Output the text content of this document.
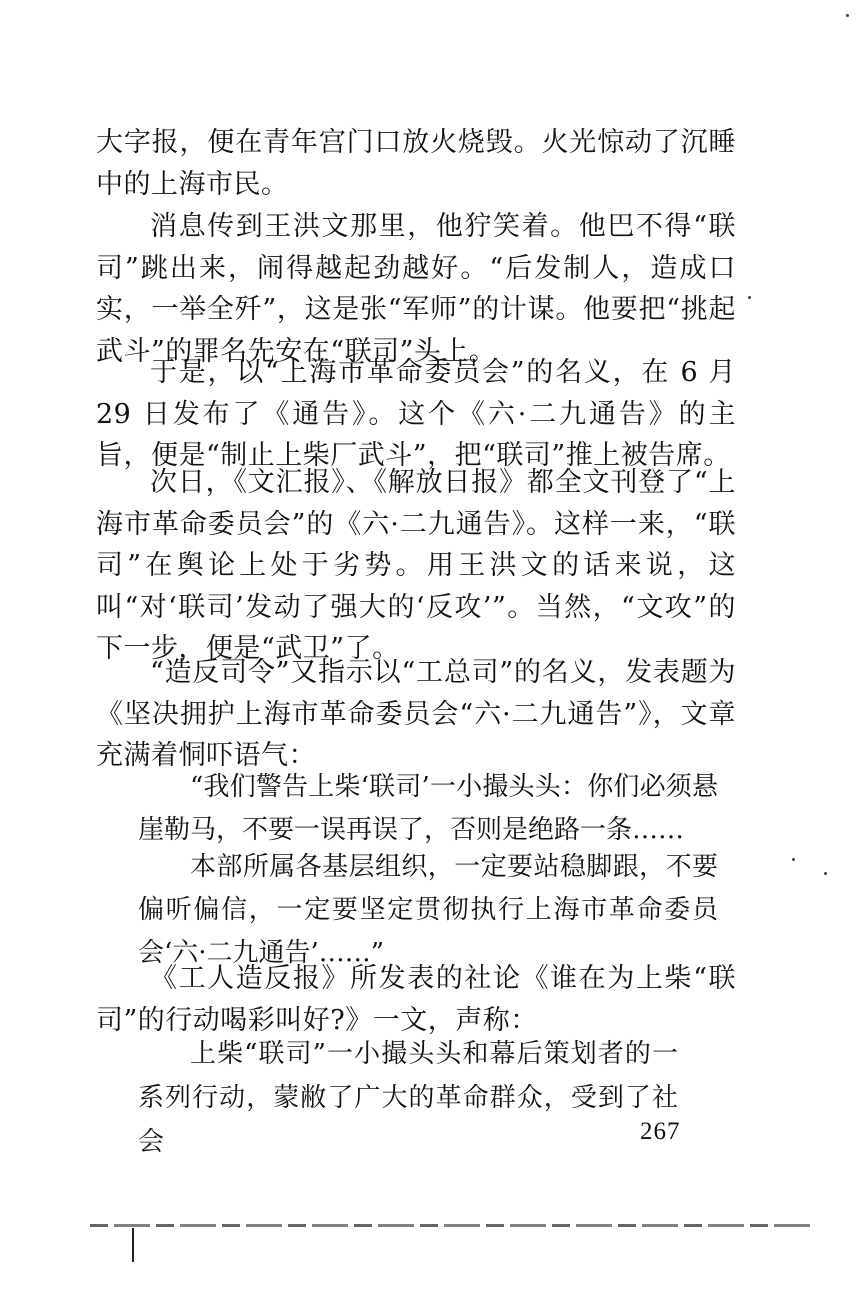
大字报，便在青年宫门口放火烧毁。火光惊动了沉睡中的上海市民。

消息传到王洪文那里，他狞笑着。他巴不得“联司”跳出来，闹得越起劲越好。“后发制人，造成口实，一举全歼”，这是张“军师”的计谋。他要把“挑起武斗”的罪名先安在“联司”头上。

于是，以“上海市革命委员会”的名义，在 6 月 29 日发布了《通告》。这个《六·二九通告》的主旨，便是“制止上柴厂武斗”，把“联司”推上被告席。

次日，《文汇报》、《解放日报》都全文刊登了“上海市革命委员会”的《六·二九通告》。这样一来，“联司”在舆论上处于劣势。用王洪文的话来说，这叫“对‘联司’发动了强大的‘反攻’”。当然，“文攻”的下一步，便是“武卫”了。

“造反司令”又指示以“工总司”的名义，发表题为《坚决拥护上海市革命委员会“六·二九通告”》，文章充满着恫吓语气：

“我们警告上柴‘联司’一小撮头头：你们必须悬崖勒马，不要一误再误了，否则是绝路一条……

本部所属各基层组织，一定要站稳脚跟，不要偏听偏信，一定要坚定贯彻执行上海市革命委员会‘六·二九通告’……”

《工人造反报》所发表的社论《谁在为上柴“联司”的行动喝彩叫好?》一文，声称：

上柴“联司”一小撮头头和幕后策划者的一系列行动，蒙敝了广大的革命群众，受到了社会	267
